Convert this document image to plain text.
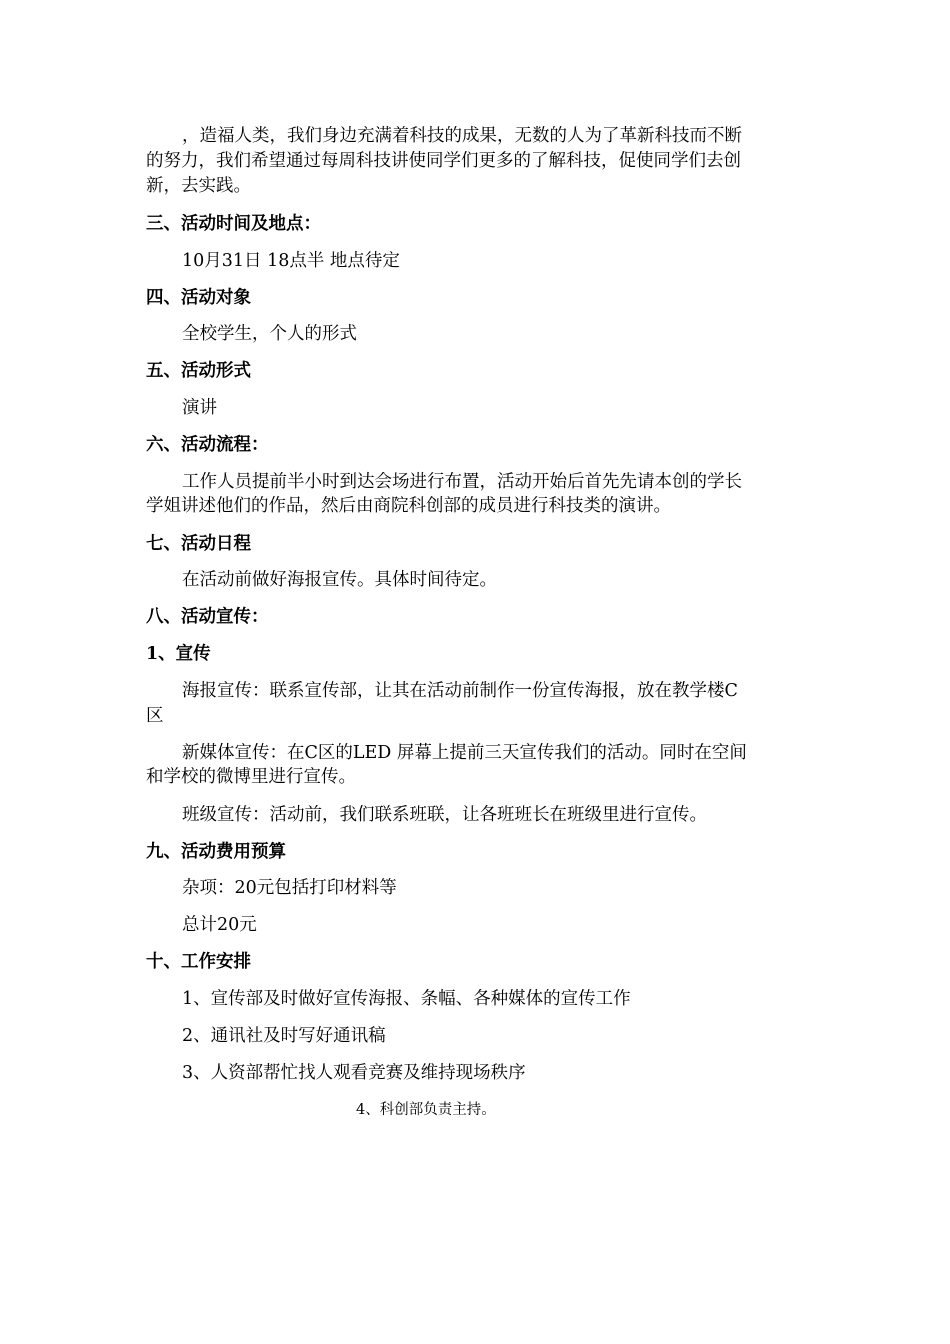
，造福人类，我们身边充满着科技的成果，无数的人为了革新科技而不断
的努力，我们希望通过每周科技讲使同学们更多的了解科技，促使同学们去创
新，去实践。
三、活动时间及地点：
10月31日 18点半 地点待定
四、活动对象
全校学生，个人的形式
五、活动形式
演讲
六、活动流程：
工作人员提前半小时到达会场进行布置，活动开始后首先先请本创的学长
学姐讲述他们的作品，然后由商院科创部的成员进行科技类的演讲。
七、活动日程
在活动前做好海报宣传。具体时间待定。
八、活动宣传：
1、宣传
海报宣传：联系宣传部，让其在活动前制作一份宣传海报，放在教学楼C
区
新媒体宣传：在C区的LED 屏幕上提前三天宣传我们的活动。同时在空间
和学校的微博里进行宣传。
班级宣传：活动前，我们联系班联，让各班班长在班级里进行宣传。
九、活动费用预算
杂项：20元包括打印材料等
总计20元
十、工作安排
1、宣传部及时做好宣传海报、条幅、各种媒体的宣传工作
2、通讯社及时写好通讯稿
3、人资部帮忙找人观看竞赛及维持现场秩序
4、科创部负责主持。
